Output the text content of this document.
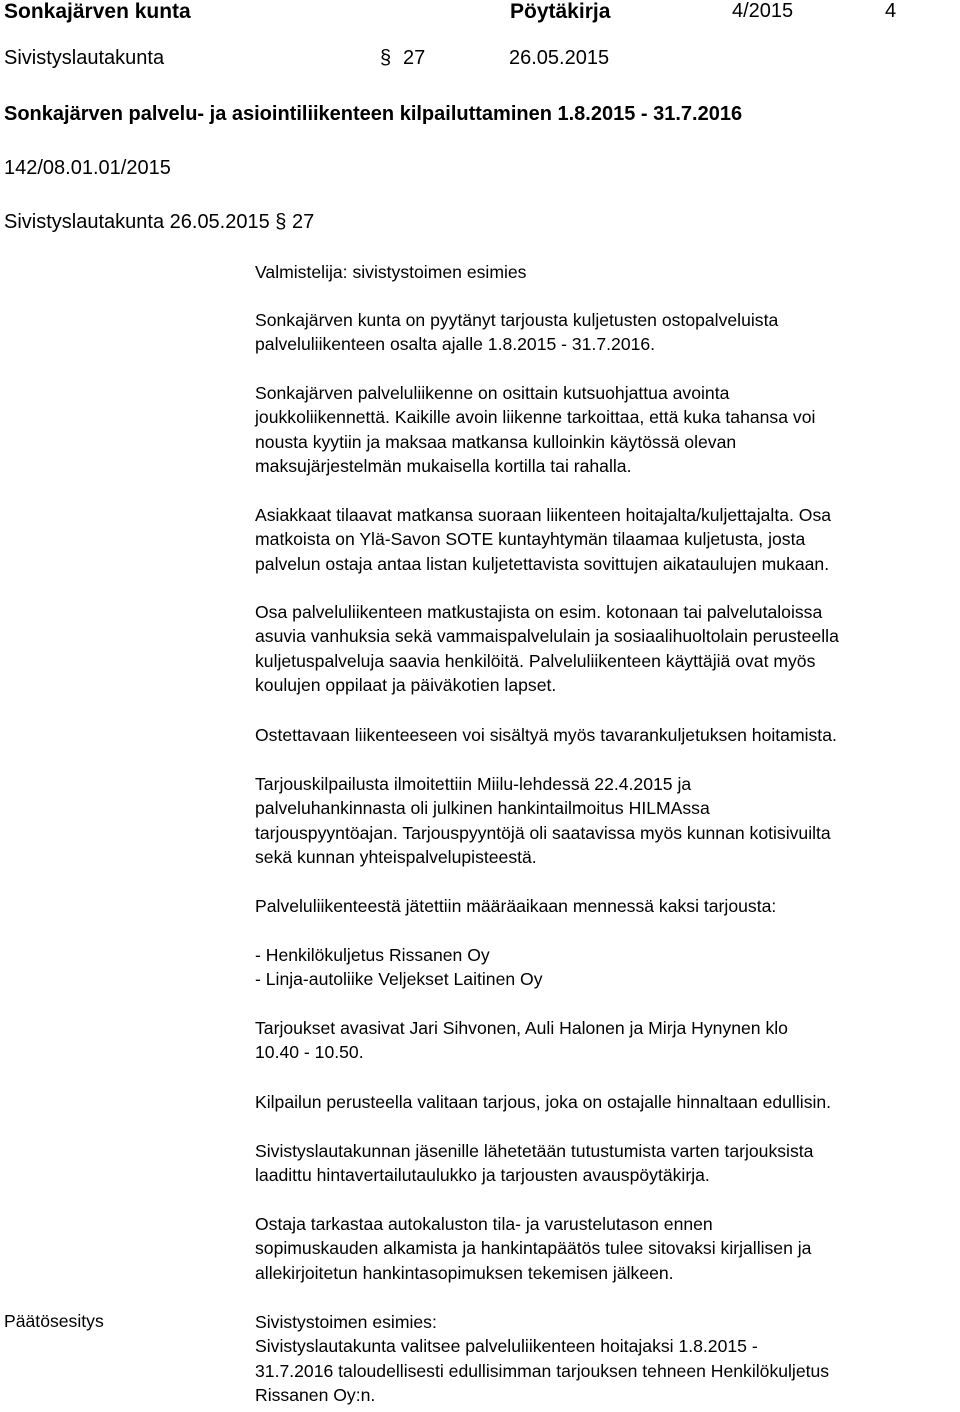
Sonkajärven kunta	Pöytäkirja	4/2015	4
Sivistyslautakunta	§ 27	26.05.2015
Sonkajärven palvelu- ja asiointiliikenteen kilpailuttaminen 1.8.2015 - 31.7.2016
142/08.01.01/2015
Sivistyslautakunta 26.05.2015 § 27
Valmistelija: sivistystoimen esimies
Sonkajärven kunta on pyytänyt tarjousta kuljetusten ostopalveluista
palveluliikenteen osalta ajalle 1.8.2015 - 31.7.2016.
Sonkajärven palveluliikenne on osittain kutsuohjattua avointa
joukkoliikennettä. Kaikille avoin liikenne tarkoittaa, että kuka tahansa voi
nousta kyytiin ja maksaa matkansa kulloinkin käytössä olevan
maksujärjestelmän mukaisella kortilla tai rahalla.
Asiakkaat tilaavat matkansa suoraan liikenteen hoitajalta/kuljettajalta. Osa
matkoista on Ylä-Savon SOTE kuntayhtymän tilaamaa kuljetusta, josta
palvelun ostaja antaa listan kuljetettavista sovittujen aikataulujen mukaan.
Osa palveluliikenteen matkustajista on esim. kotonaan tai palvelutaloissa
asuvia vanhuksia sekä vammaispalvelulain ja sosiaalihuoltolain perusteella
kuljetuspalveluja saavia henkilöitä. Palveluliikenteen käyttäjiä ovat myös
koulujen oppilaat ja päiväkotien lapset.
Ostettavaan liikenteeseen voi sisältyä myös tavarankuljetuksen hoitamista.
Tarjouskilpailusta ilmoitettiin Miilu-lehdessä 22.4.2015 ja
palveluhankinnasta oli julkinen hankintailmoitus HILMAssa
tarjouspyyntöajan. Tarjouspyyntöjä oli saatavissa myös kunnan kotisivuilta
sekä kunnan yhteispalvelupisteestä.
Palveluliikenteestä jätettiin määräaikaan mennessä kaksi tarjousta:
- Henkilökuljetus Rissanen Oy
- Linja-autoliike Veljekset Laitinen Oy
Tarjoukset avasivat Jari Sihvonen, Auli Halonen ja Mirja Hynynen klo
10.40 - 10.50.
Kilpailun perusteella valitaan tarjous, joka on ostajalle hinnaltaan edullisin.
Sivistyslautakunnan jäsenille lähetetään tutustumista varten tarjouksista
laadittu hintavertailutaulukko ja tarjousten avauspöytäkirja.
Ostaja tarkastaa autokaluston tila- ja varustelutason ennen
sopimuskauden alkamista ja hankintapäätös tulee sitovaksi kirjallisen ja
allekirjoitetun hankintasopimuksen tekemisen jälkeen.
Päätösesitys	Sivistystoimen esimies:
Sivistyslautakunta valitsee palveluliikenteen hoitajaksi 1.8.2015 -
31.7.2016 taloudellisesti edullisimman tarjouksen tehneen Henkilökuljetus
Rissanen Oy:n.
